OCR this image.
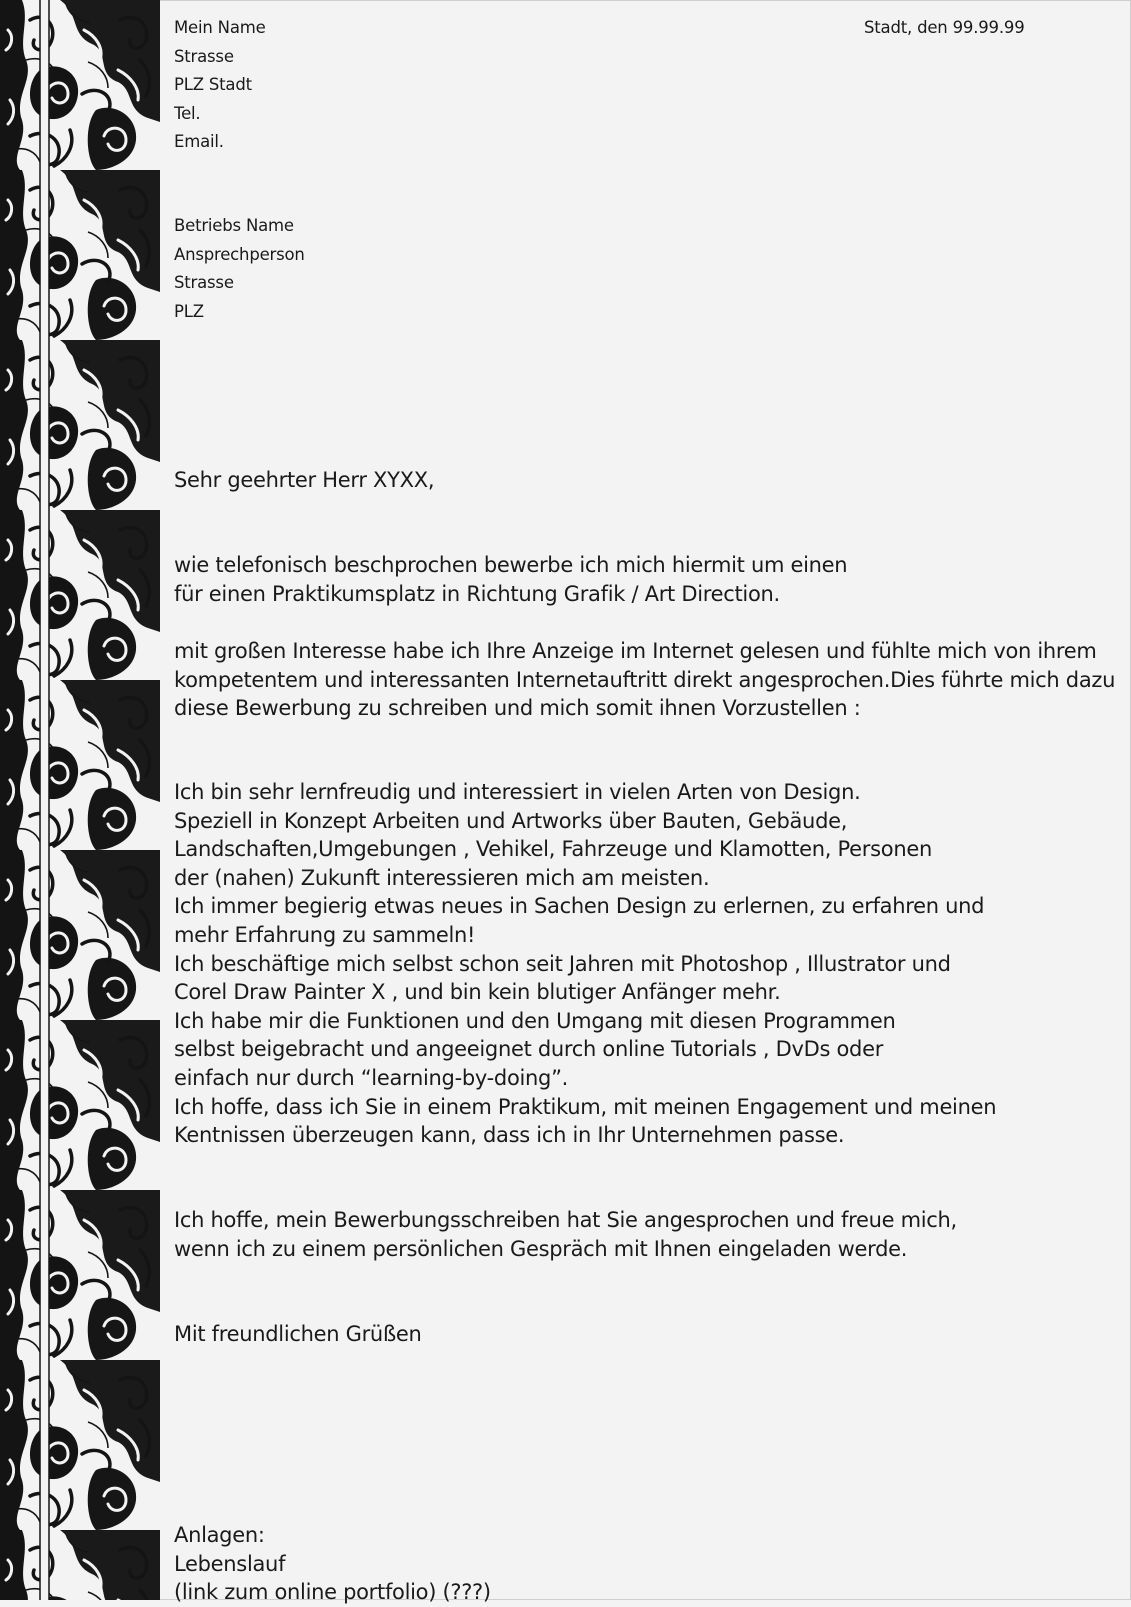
Mein Name
Strasse
PLZ Stadt
Tel.
Email.
Stadt, den 99.99.99
Betriebs Name
Ansprechperson
Strasse
PLZ
Sehr geehrter Herr XYXX,
wie telefonisch beschprochen bewerbe ich mich hiermit um einen
für einen Praktikumsplatz in Richtung Grafik / Art Direction.
mit großen Interesse habe ich Ihre Anzeige im Internet gelesen und fühlte mich von ihrem
kompetentem und interessanten Internetauftritt direkt angesprochen.Dies führte mich dazu
diese Bewerbung zu schreiben und mich somit ihnen Vorzustellen :
Ich bin sehr lernfreudig und interessiert in vielen Arten von Design.
Speziell in Konzept Arbeiten und Artworks über Bauten, Gebäude,
Landschaften,Umgebungen , Vehikel, Fahrzeuge und Klamotten, Personen
der (nahen) Zukunft interessieren mich am meisten.
Ich immer begierig etwas neues in Sachen Design zu erlernen, zu erfahren und
mehr Erfahrung zu sammeln!
Ich beschäftige mich selbst schon seit Jahren mit Photoshop , Illustrator und
Corel Draw Painter X , und bin kein blutiger Anfänger mehr.
Ich habe mir die Funktionen und den Umgang mit diesen Programmen
selbst beigebracht und angeeignet durch online Tutorials , DvDs oder
einfach nur durch “learning-by-doing”.
Ich hoffe, dass ich Sie in einem Praktikum, mit meinen Engagement und meinen
Kentnissen überzeugen kann, dass ich in Ihr Unternehmen passe.
Ich hoffe, mein Bewerbungsschreiben hat Sie angesprochen und freue mich,
wenn ich zu einem persönlichen Gespräch mit Ihnen eingeladen werde.
Mit freundlichen Grüßen
Anlagen:
Lebenslauf
(link zum online portfolio) (???)
